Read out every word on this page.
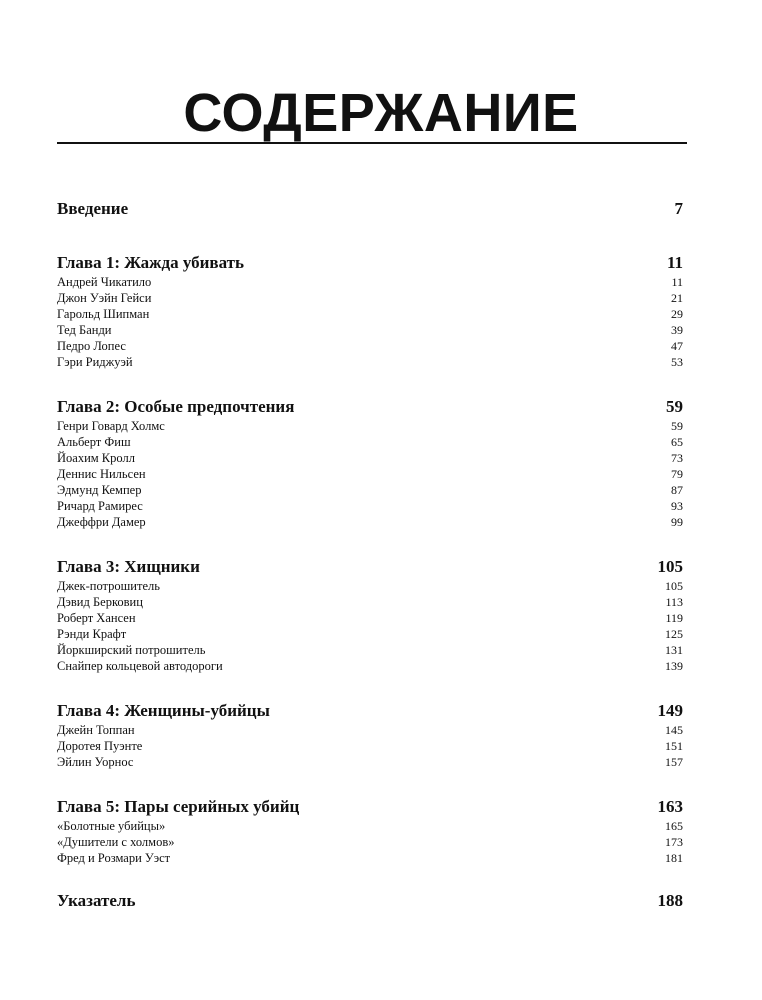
СОДЕРЖАНИЕ
Введение	7
Глава 1: Жажда убивать	11
Андрей Чикатило	11
Джон Уэйн Гейси	21
Гарольд Шипман	29
Тед Банди	39
Педро Лопес	47
Гэри Риджуэй	53
Глава 2: Особые предпочтения	59
Генри Говард Холмс	59
Альберт Фиш	65
Йоахим Кролл	73
Деннис Нильсен	79
Эдмунд Кемпер	87
Ричард Рамирес	93
Джеффри Дамер	99
Глава 3: Хищники	105
Джек-потрошитель	105
Дэвид Берковиц	113
Роберт Хансен	119
Рэнди Крафт	125
Йоркширский потрошитель	131
Снайпер кольцевой автодороги	139
Глава 4: Женщины-убийцы	149
Джейн Топпан	145
Доротея Пуэнте	151
Эйлин Уорнос	157
Глава 5: Пары серийных убийц	163
«Болотные убийцы»	165
«Душители с холмов»	173
Фред и Розмари Уэст	181
Указатель	188
